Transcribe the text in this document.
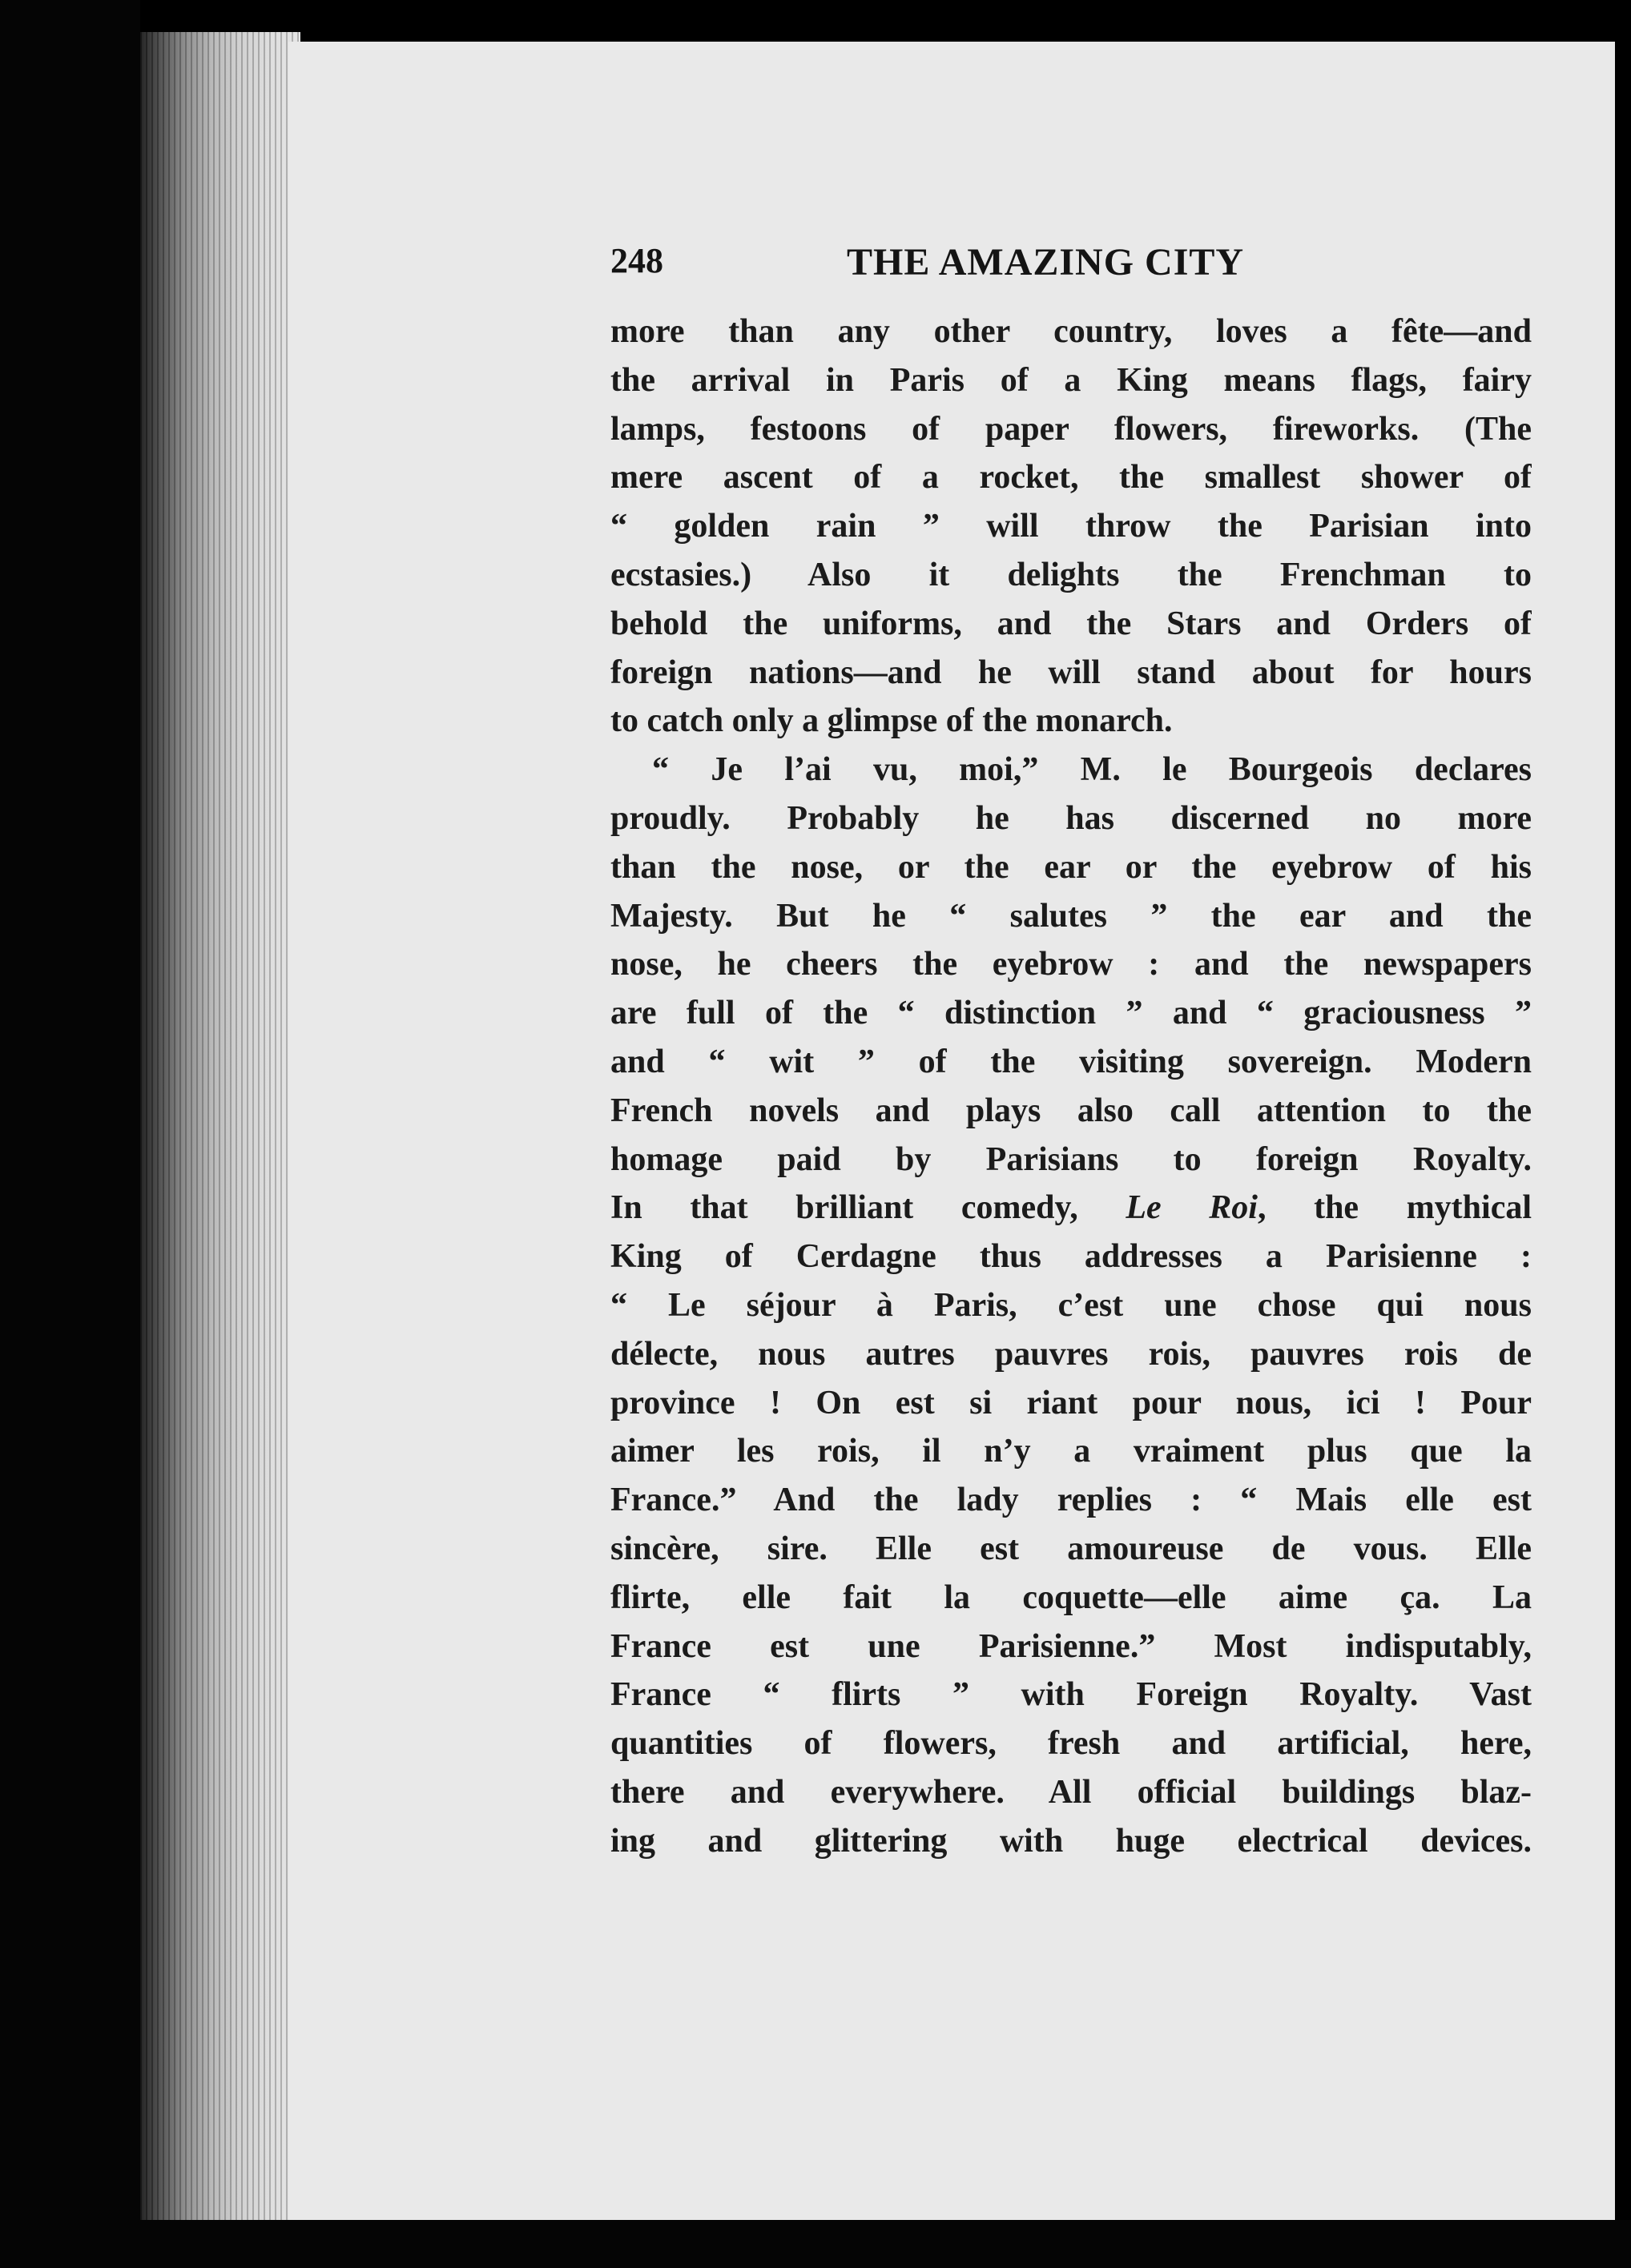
248	THE AMAZING CITY
more than any other country, loves a fête—and
the arrival in Paris of a King means flags, fairy
lamps, festoons of paper flowers, fireworks. (The
mere ascent of a rocket, the smallest shower of
“ golden rain ” will throw the Parisian into
ecstasies.) Also it delights the Frenchman to
behold the uniforms, and the Stars and Orders of
foreign nations—and he will stand about for hours
to catch only a glimpse of the monarch.
“ Je l’ai vu, moi,” M. le Bourgeois declares
proudly. Probably he has discerned no more
than the nose, or the ear or the eyebrow of his
Majesty. But he “ salutes ” the ear and the
nose, he cheers the eyebrow : and the newspapers
are full of the “ distinction ” and “ graciousness ”
and “ wit ” of the visiting sovereign. Modern
French novels and plays also call attention to the
homage paid by Parisians to foreign Royalty.
In that brilliant comedy, Le Roi, the mythical
King of Cerdagne thus addresses a Parisienne :
“ Le séjour à Paris, c’est une chose qui nous
délecte, nous autres pauvres rois, pauvres rois de
province ! On est si riant pour nous, ici ! Pour
aimer les rois, il n’y a vraiment plus que la
France.” And the lady replies : “ Mais elle est
sincère, sire. Elle est amoureuse de vous. Elle
flirte, elle fait la coquette—elle aime ça. La
France est une Parisienne.” Most indisputably,
France “ flirts ” with Foreign Royalty. Vast
quantities of flowers, fresh and artificial, here,
there and everywhere. All official buildings blaz-
ing and glittering with huge electrical devices.
